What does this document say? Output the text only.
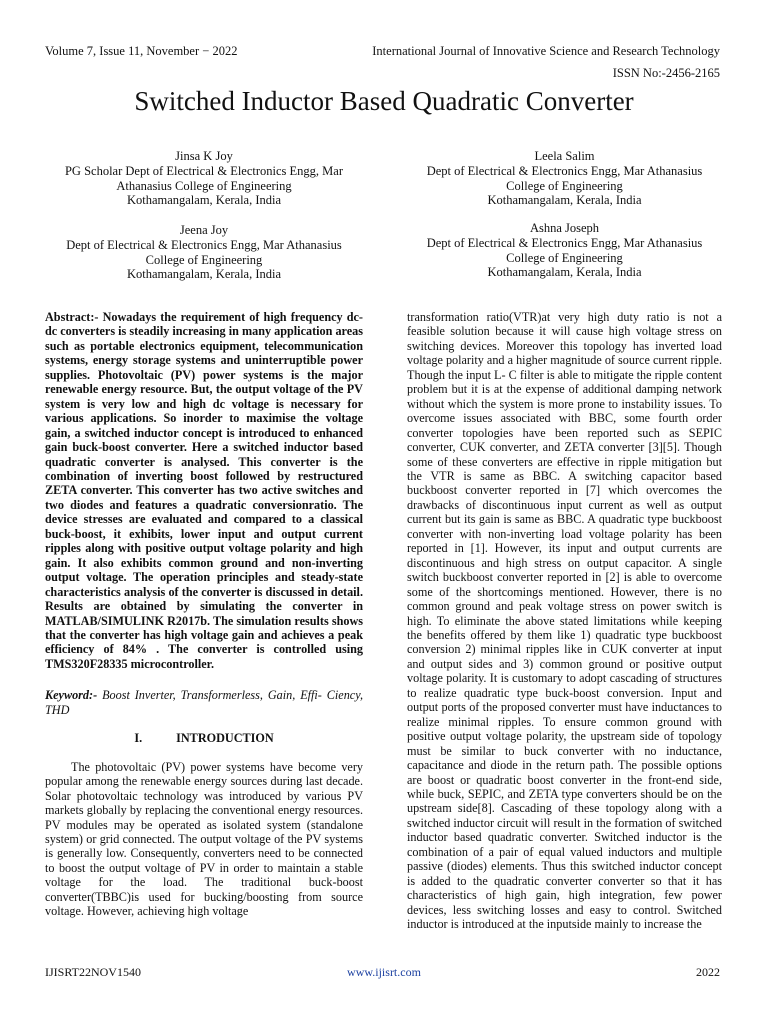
Volume 7, Issue 11, November − 2022	International Journal of Innovative Science and Research Technology
ISSN No:-2456-2165
Switched Inductor Based Quadratic Converter
Jinsa K Joy
PG Scholar Dept of Electrical & Electronics Engg, Mar
Athanasius College of Engineering
Kothamangalam, Kerala, India
Jeena Joy
Dept of Electrical & Electronics Engg, Mar Athanasius
College of Engineering
Kothamangalam, Kerala, India
Leela Salim
Dept of Electrical & Electronics Engg, Mar Athanasius
College of Engineering
Kothamangalam, Kerala, India
Ashna Joseph
Dept of Electrical & Electronics Engg, Mar Athanasius
College of Engineering
Kothamangalam, Kerala, India

Abstract:- Nowadays the requirement of high frequency dc-dc converters is steadily increasing in many application areas such as portable electronics equipment, telecommunication systems, energy storage systems and uninterruptible power supplies. Photovoltaic (PV) power systems is the major renewable energy resource. But, the output voltage of the PV system is very low and high dc voltage is necessary for various applications. So inorder to maximise the voltage gain, a switched inductor concept is introduced to enhanced gain buck-boost converter. Here a switched inductor based quadratic converter is analysed. This converter is the combination of inverting boost followed by restructured ZETA converter. This converter has two active switches and two diodes and features a quadratic conversionratio. The device stresses are evaluated and compared to a classical buck-boost, it exhibits, lower input and output current ripples along with positive output voltage polarity and high gain. It also exhibits common ground and non-inverting output voltage. The operation principles and steady-state characteristics analysis of the converter is discussed in detail. Results are obtained by simulating the converter in MATLAB/SIMULINK R2017b. The simulation results shows that the converter has high voltage gain and achieves a peak efficiency of 84% . The converter is controlled using TMS320F28335 microcontroller.

Keyword:- Boost Inverter, Transformerless, Gain, Effi- Ciency, THD

I.	INTRODUCTION

The photovoltaic (PV) power systems have become very popular among the renewable energy sources during last decade. Solar photovoltaic technology was introduced by various PV markets globally by replacing the conventional energy resources. PV modules may be operated as isolated system (standalone system) or grid connected. The output voltage of the PV systems is generally low. Consequently, converters need to be connected to boost the output voltage of PV in order to maintain a stable voltage for the load. The traditional buck-boost converter(TBBC)is used for bucking/boosting from source voltage. However, achieving high voltage

transformation ratio(VTR)at very high duty ratio is not a feasible solution because it will cause high voltage stress on switching devices. Moreover this topology has inverted load voltage polarity and a higher magnitude of source current ripple. Though the input L- C filter is able to mitigate the ripple content problem but it is at the expense of additional damping network without which the system is more prone to instability issues. To overcome issues associated with BBC, some fourth order converter topologies have been reported such as SEPIC converter, CUK converter, and ZETA converter [3][5]. Though some of these converters are effective in ripple mitigation but the VTR is same as BBC. A switching capacitor based buckboost converter reported in [7] which overcomes the drawbacks of discontinuous input current as well as output current but its gain is same as BBC. A quadratic type buckboost converter with non-inverting load voltage polarity has been reported in [1]. However, its input and output currents are discontinuous and high stress on output capacitor. A single switch buckboost converter reported in [2] is able to overcome some of the shortcomings mentioned. However, there is no common ground and peak voltage stress on power switch is high. To eliminate the above stated limitations while keeping the benefits offered by them like 1) quadratic type buckboost conversion 2) minimal ripples like in CUK converter at input and output sides and 3) common ground or positive output voltage polarity. It is customary to adopt cascading of structures to realize quadratic type buck-boost conversion. Input and output ports of the proposed converter must have inductances to realize minimal ripples. To ensure common ground with positive output voltage polarity, the upstream side of topology must be similar to buck converter with no inductance, capacitance and diode in the return path. The possible options are boost or quadratic boost converter in the front-end side, while buck, SEPIC, and ZETA type converters should be on the upstream side[8]. Cascading of these topology along with a switched inductor circuit will result in the formation of switched inductor based quadratic converter. Switched inductor is the combination of a pair of equal valued inductors and multiple passive (diodes) elements. Thus this switched inductor concept is added to the quadratic converter converter so that it has characteristics of high gain, high integration, few power devices, less switching losses and easy to control. Switched inductor is introduced at the inputside mainly to increase the

IJISRT22NOV1540	www.ijisrt.com	2022
